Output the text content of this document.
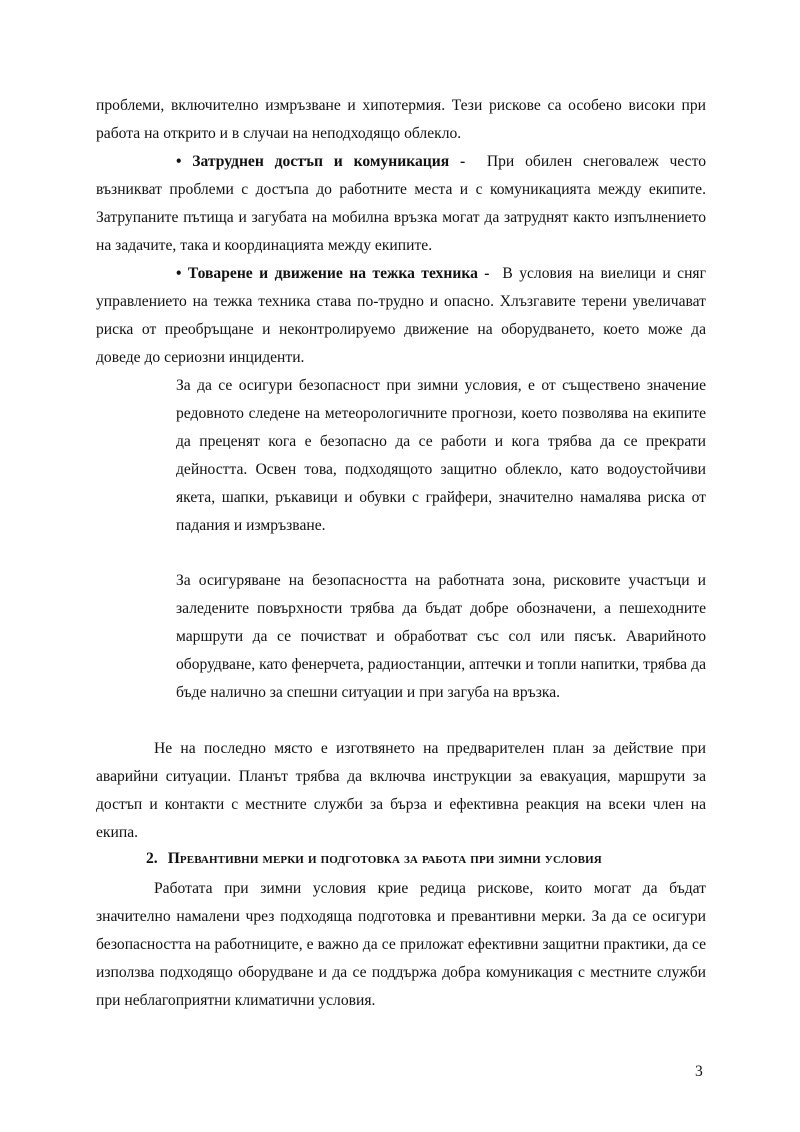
проблеми, включително измръзване и хипотермия. Тези рискове са особено високи при работа на открито и в случаи на неподходящо облекло.

• Затруднен достъп и комуникация - При обилен снеговалеж често възникват проблеми с достъпа до работните места и с комуникацията между екипите. Затрупаните пътища и загубата на мобилна връзка могат да затруднят както изпълнението на задачите, така и координацията между екипите.

• Товарене и движение на тежка техника - В условия на виелици и сняг управлението на тежка техника става по-трудно и опасно. Хлъзгавите терени увеличават риска от преобръщане и неконтролируемо движение на оборудването, което може да доведе до сериозни инциденти.

За да се осигури безопасност при зимни условия, е от съществено значение редовното следене на метеорологичните прогнози, което позволява на екипите да преценят кога е безопасно да се работи и кога трябва да се прекрати дейността. Освен това, подходящото защитно облекло, като водоустойчиви якета, шапки, ръкавици и обувки с грайфери, значително намалява риска от падания и измръзване.

За осигуряване на безопасността на работната зона, рисковите участъци и заледените повърхности трябва да бъдат добре обозначени, а пешеходните маршрути да се почистват и обработват със сол или пясък. Аварийното оборудване, като фенерчета, радиостанции, аптечки и топли напитки, трябва да бъде налично за спешни ситуации и при загуба на връзка.

Не на последно място е изготвянето на предварителен план за действие при аварийни ситуации. Планът трябва да включва инструкции за евакуация, маршрути за достъп и контакти с местните служби за бърза и ефективна реакция на всеки член на екипа.

2. Превантивни мерки и подготовка за работа при зимни условия

Работата при зимни условия крие редица рискове, които могат да бъдат значително намалени чрез подходяща подготовка и превантивни мерки. За да се осигури безопасността на работниците, е важно да се приложат ефективни защитни практики, да се използва подходящо оборудване и да се поддържа добра комуникация с местните служби при неблагоприятни климатични условия.

3
